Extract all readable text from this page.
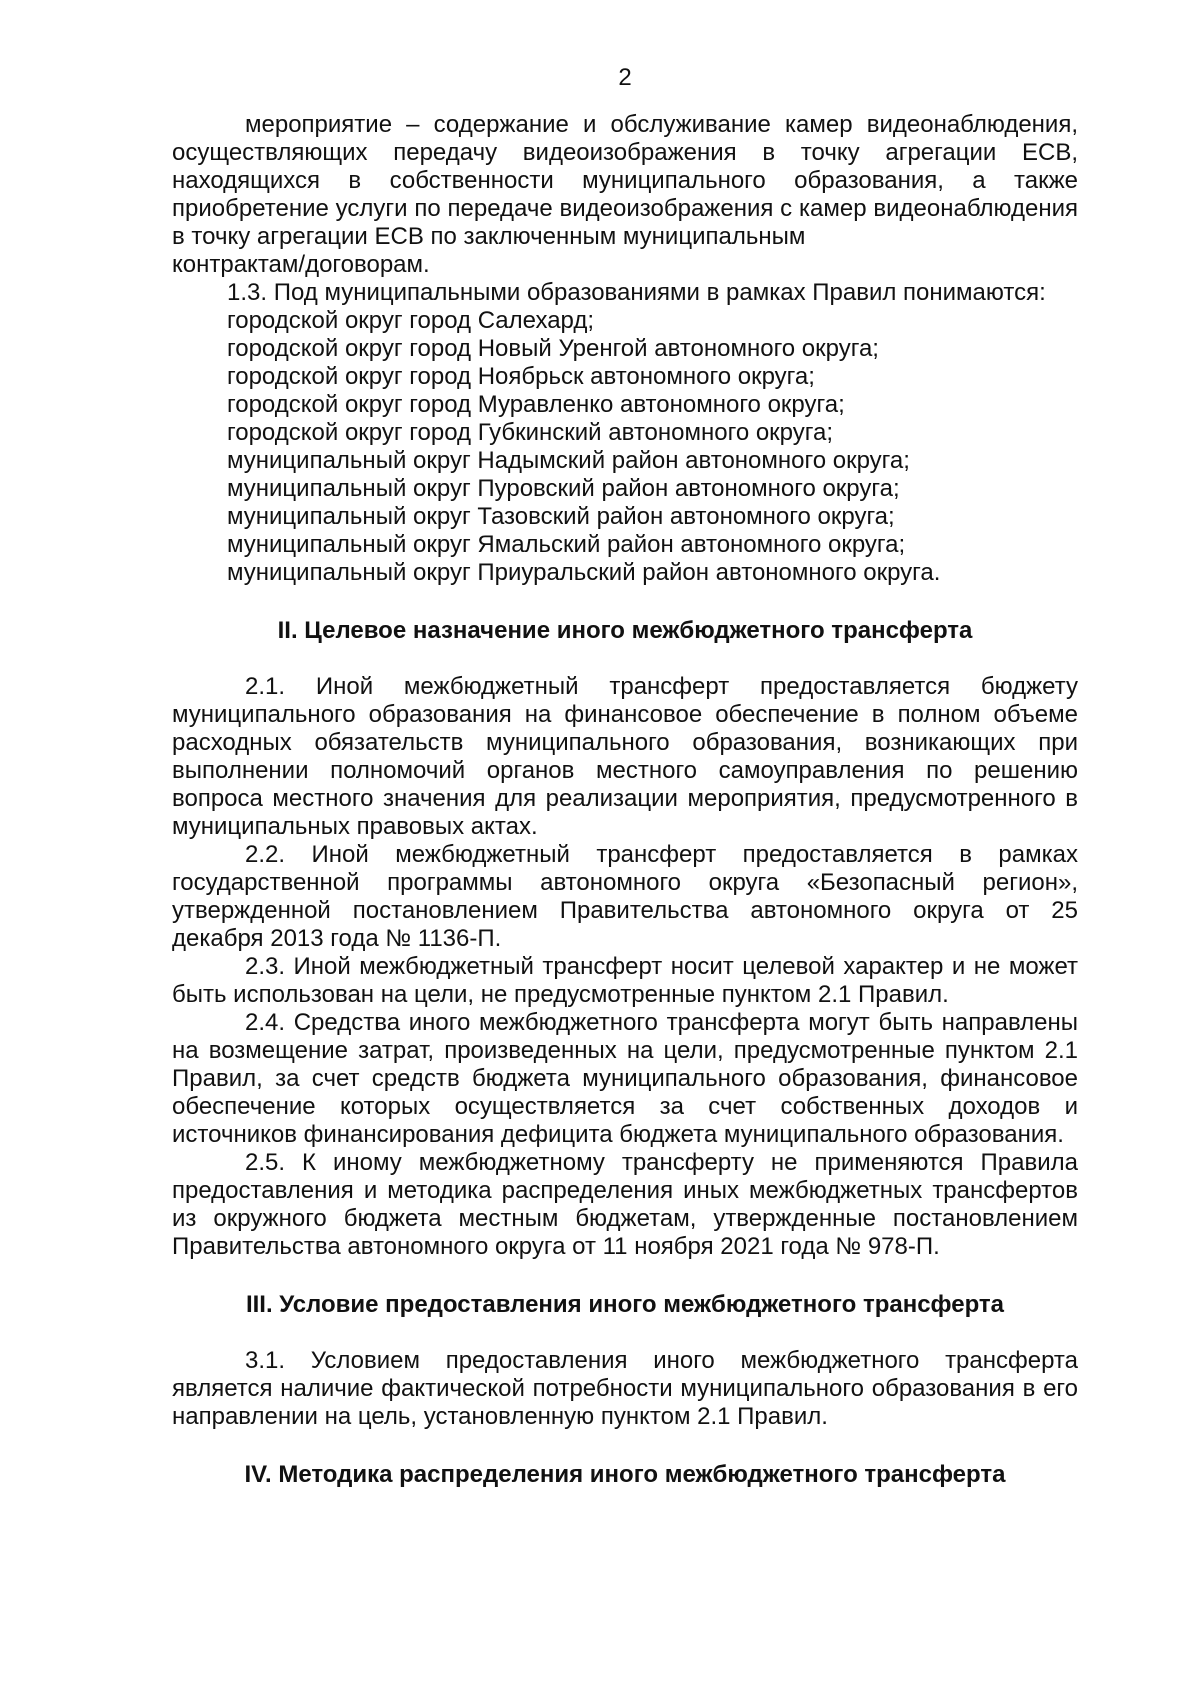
2

мероприятие – содержание и обслуживание камер видеонаблюдения, осуществляющих передачу видеоизображения в точку агрегации ЕСВ, находящихся в собственности муниципального образования, а также приобретение услуги по передаче видеоизображения с камер видеонаблюдения в точку агрегации ЕСВ по заключенным муниципальным

контрактам/договорам.

1.3. Под муниципальными образованиями в рамках Правил понимаются:

городской округ город Салехард;

городской округ город Новый Уренгой автономного округа;

городской округ город Ноябрьск автономного округа;

городской округ город Муравленко автономного округа;

городской округ город Губкинский автономного округа;

муниципальный округ Надымский район автономного округа;

муниципальный округ Пуровский район автономного округа;

муниципальный округ Тазовский район автономного округа;

муниципальный округ Ямальский район автономного округа;

муниципальный округ Приуральский район автономного округа.

II. Целевое назначение иного межбюджетного трансферта

2.1. Иной межбюджетный трансферт предоставляется бюджету муниципального образования на финансовое обеспечение в полном объеме расходных обязательств муниципального образования, возникающих при выполнении полномочий органов местного самоуправления по решению вопроса местного значения для реализации мероприятия, предусмотренного в муниципальных правовых актах.

2.2. Иной межбюджетный трансферт предоставляется в рамках государственной программы автономного округа «Безопасный регион», утвержденной постановлением Правительства автономного округа от 25 декабря 2013 года № 1136-П.

2.3. Иной межбюджетный трансферт носит целевой характер и не может быть использован на цели, не предусмотренные пунктом 2.1 Правил.

2.4. Средства иного межбюджетного трансферта могут быть направлены на возмещение затрат, произведенных на цели, предусмотренные пунктом 2.1 Правил, за счет средств бюджета муниципального образования, финансовое обеспечение которых осуществляется за счет собственных доходов и источников финансирования дефицита бюджета муниципального образования.

2.5. К иному межбюджетному трансферту не применяются Правила предоставления и методика распределения иных межбюджетных трансфертов из окружного бюджета местным бюджетам, утвержденные постановлением Правительства автономного округа от 11 ноября 2021 года № 978-П.

III. Условие предоставления иного межбюджетного трансферта

3.1. Условием предоставления иного межбюджетного трансферта является наличие фактической потребности муниципального образования в его направлении на цель, установленную пунктом 2.1 Правил.

IV. Методика распределения иного межбюджетного трансферта
